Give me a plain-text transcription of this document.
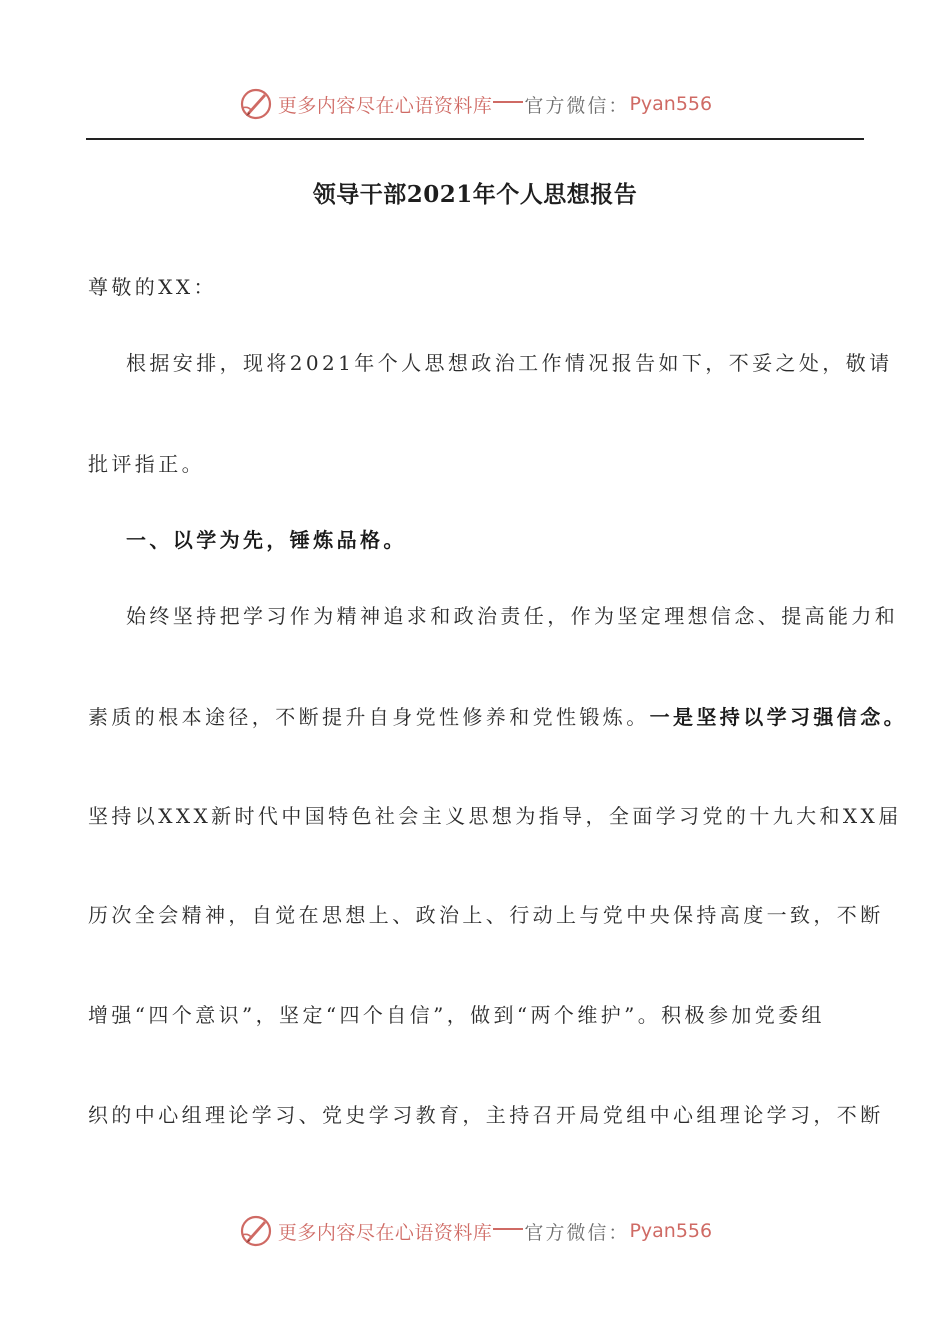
更多内容尽在心语资料库 官方微信： Pyan556
领导干部2021年个人思想报告
尊敬的XX：
根据安排，现将2021年个人思想政治工作情况报告如下，不妥之处，敬请
批评指正。
一、以学为先，锤炼品格。
始终坚持把学习作为精神追求和政治责任，作为坚定理想信念、提高能力和
素质的根本途径，不断提升自身党性修养和党性锻炼。一是坚持以学习强信念。
坚持以XXX新时代中国特色社会主义思想为指导，全面学习党的十九大和XX届
历次全会精神，自觉在思想上、政治上、行动上与党中央保持高度一致，不断
增强“四个意识”，坚定“四个自信”，做到“两个维护”。积极参加党委组
织的中心组理论学习、党史学习教育，主持召开局党组中心组理论学习，不断
更多内容尽在心语资料库 官方微信： Pyan556
